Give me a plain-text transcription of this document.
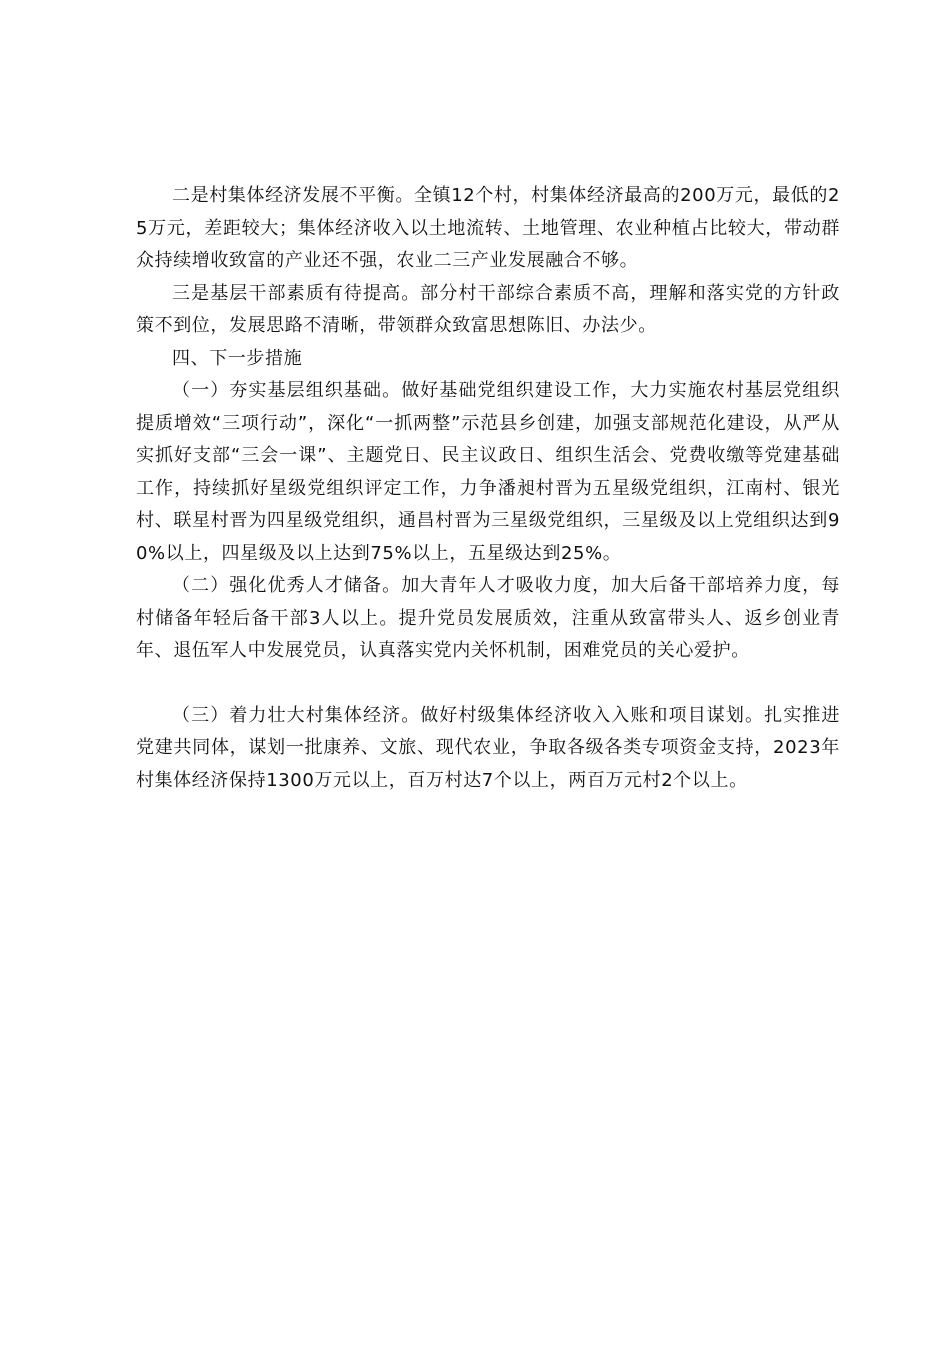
二是村集体经济发展不平衡。全镇12个村，村集体经济最高的200万元，最低的25万元，差距较大；集体经济收入以土地流转、土地管理、农业种植占比较大，带动群众持续增收致富的产业还不强，农业二三产业发展融合不够。

三是基层干部素质有待提高。部分村干部综合素质不高，理解和落实党的方针政策不到位，发展思路不清晰，带领群众致富思想陈旧、办法少。

四、下一步措施

（一）夯实基层组织基础。做好基础党组织建设工作，大力实施农村基层党组织提质增效“三项行动”，深化“一抓两整”示范县乡创建，加强支部规范化建设，从严从实抓好支部“三会一课”、主题党日、民主议政日、组织生活会、党费收缴等党建基础工作，持续抓好星级党组织评定工作，力争潘昶村晋为五星级党组织，江南村、银光村、联星村晋为四星级党组织，通昌村晋为三星级党组织，三星级及以上党组织达到90%以上，四星级及以上达到75%以上，五星级达到25%。

（二）强化优秀人才储备。加大青年人才吸收力度，加大后备干部培养力度，每村储备年轻后备干部3人以上。提升党员发展质效，注重从致富带头人、返乡创业青年、退伍军人中发展党员，认真落实党内关怀机制，困难党员的关心爱护。

（三）着力壮大村集体经济。做好村级集体经济收入入账和项目谋划。扎实推进党建共同体，谋划一批康养、文旅、现代农业，争取各级各类专项资金支持，2023年村集体经济保持1300万元以上，百万村达7个以上，两百万元村2个以上。
